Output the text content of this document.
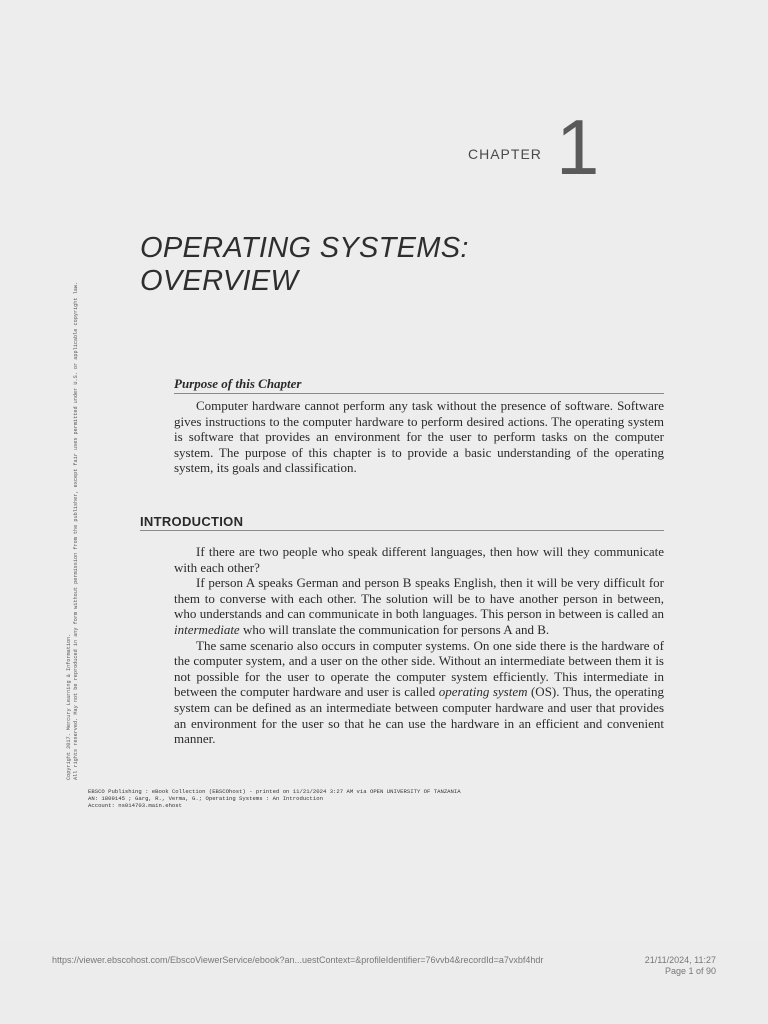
CHAPTER 1
OPERATING SYSTEMS:
OVERVIEW
Copyright 2017. Mercury Learning & Information. All rights reserved. May not be reproduced in any form without permission from the publisher, except fair uses permitted under U.S. or applicable copyright law.	Purpose of this Chapter

Computer hardware cannot perform any task without the presence of software. Software gives instructions to the computer hardware to perform desired actions. The operating system is software that provides an environment for the user to perform tasks on the computer system. The purpose of this chapter is to provide a basic understanding of the operating system, its goals and classification.

INTRODUCTION

If there are two people who speak different languages, then how will they communicate with each other?

If person A speaks German and person B speaks English, then it will be very difficult for them to converse with each other. The solution will be to have another person in between, who understands and can communicate in both languages. This person in between is called an intermediate who will translate the communication for persons A and B.

The same scenario also occurs in computer systems. On one side there is the hardware of the computer system, and a user on the other side. Without an intermediate between them it is not possible for the user to operate the computer system efficiently. This intermediate in between the computer hardware and user is called operating system (OS). Thus, the operating system can be defined as an intermediate between computer hardware and user that provides an environment for the user so that he can use the hardware in an efficient and convenient manner.

EBSCO Publishing : eBook Collection (EBSCOhost) - printed on 11/21/2024 3:27 AM via OPEN UNIVERSITY OF TANZANIA
AN: 1809145 ; Garg, R., Verma, G.; Operating Systems : An Introduction
Account: ns014703.main.ehost
https://viewer.ebscohost.com/EbscoViewerService/ebook?an...uestContext=&profileIdentifier=76vvb4&recordId=a7vxbf4hdr	21/11/2024, 11:27
Page 1 of 90
